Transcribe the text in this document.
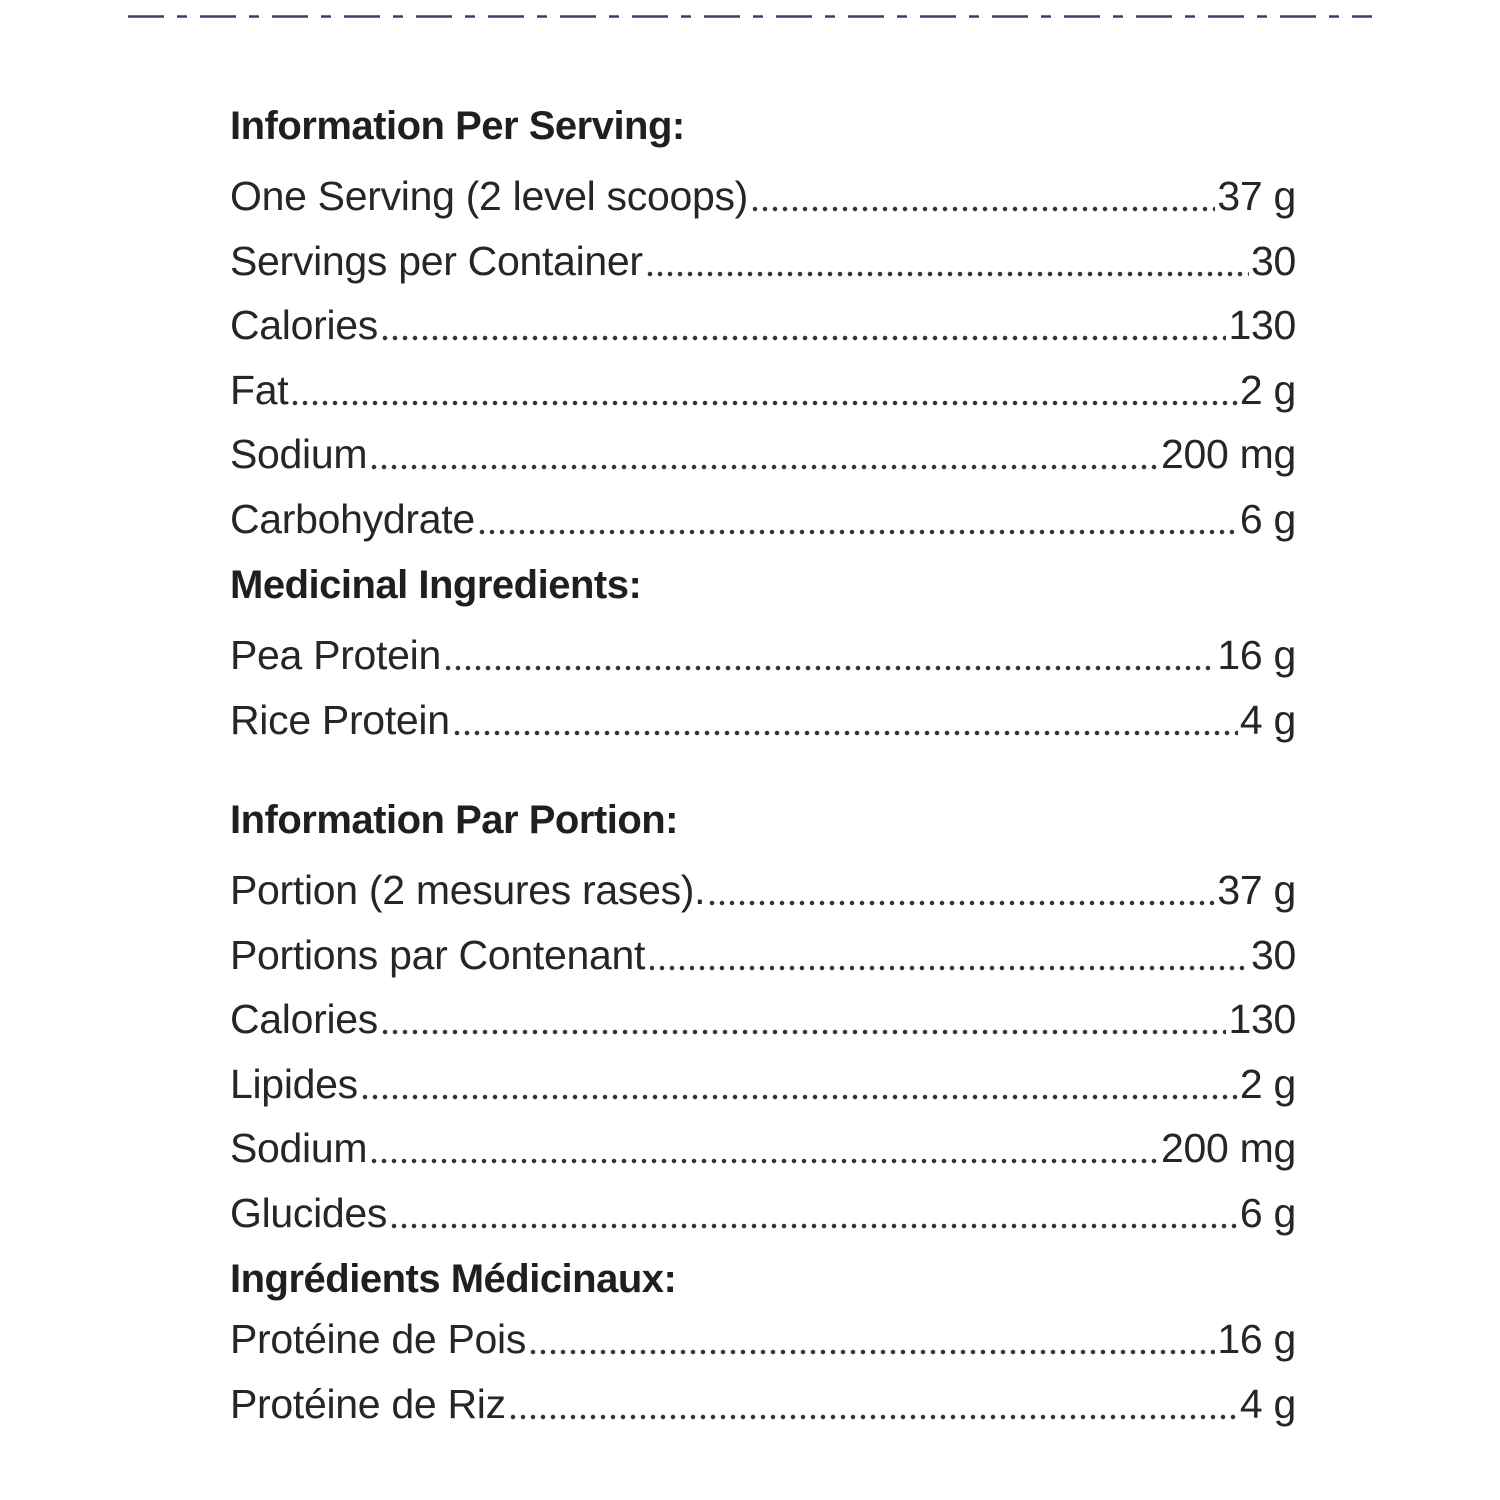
Information Per Serving:
One Serving (2 level scoops)	37 g
Servings per Container	30
Calories	130
Fat	2 g
Sodium	200 mg
Carbohydrate	6 g
Medicinal Ingredients:
Pea Protein	16 g
Rice Protein	4 g
Information Par Portion:
Portion (2 mesures rases).	37 g
Portions par Contenant	30
Calories	130
Lipides	2 g
Sodium	200 mg
Glucides	6 g
Ingrédients Médicinaux:
Protéine de Pois	16 g
Protéine de Riz	4 g
